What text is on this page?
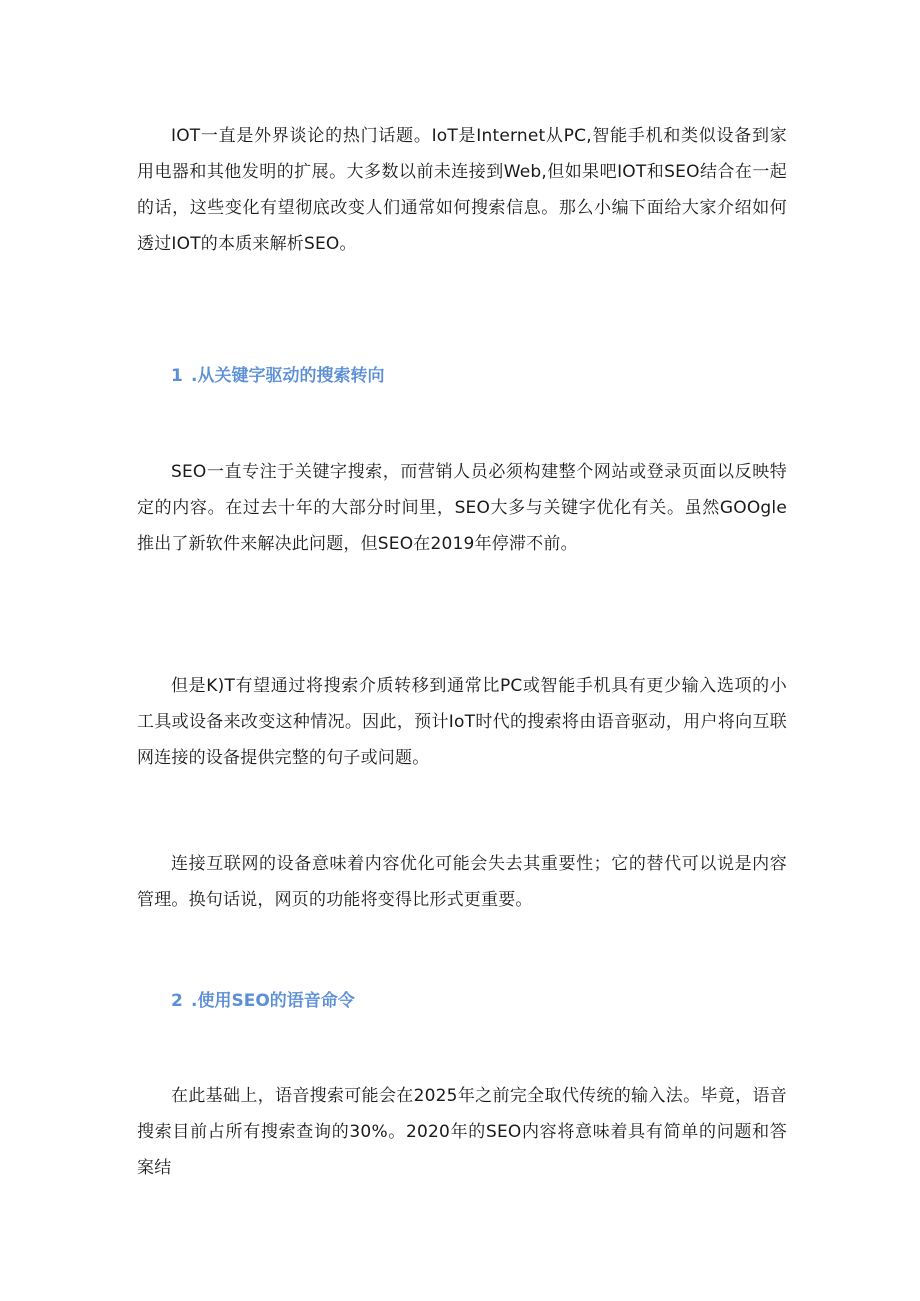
IOT一直是外界谈论的热门话题。IoT是Internet从PC,智能手机和类似设备到家用电器和其他发明的扩展。大多数以前未连接到Web,但如果吧IOT和SEO结合在一起的话，这些变化有望彻底改变人们通常如何搜索信息。那么小编下面给大家介绍如何透过IOT的本质来解析SEO。

1 .从关键字驱动的搜索转向

SEO一直专注于关键字搜索，而营销人员必须构建整个网站或登录页面以反映特定的内容。在过去十年的大部分时间里，SEO大多与关键字优化有关。虽然GOOgle推出了新软件来解决此问题，但SEO在2019年停滞不前。

但是K)T有望通过将搜索介质转移到通常比PC或智能手机具有更少输入选项的小工具或设备来改变这种情况。因此，预计IoT时代的搜索将由语音驱动，用户将向互联网连接的设备提供完整的句子或问题。

连接互联网的设备意味着内容优化可能会失去其重要性；它的替代可以说是内容管理。换句话说，网页的功能将变得比形式更重要。

2 .使用SEO的语音命令

在此基础上，语音搜索可能会在2025年之前完全取代传统的输入法。毕竟，语音搜索目前占所有搜索查询的30%。2020年的SEO内容将意味着具有简单的问题和答案结
